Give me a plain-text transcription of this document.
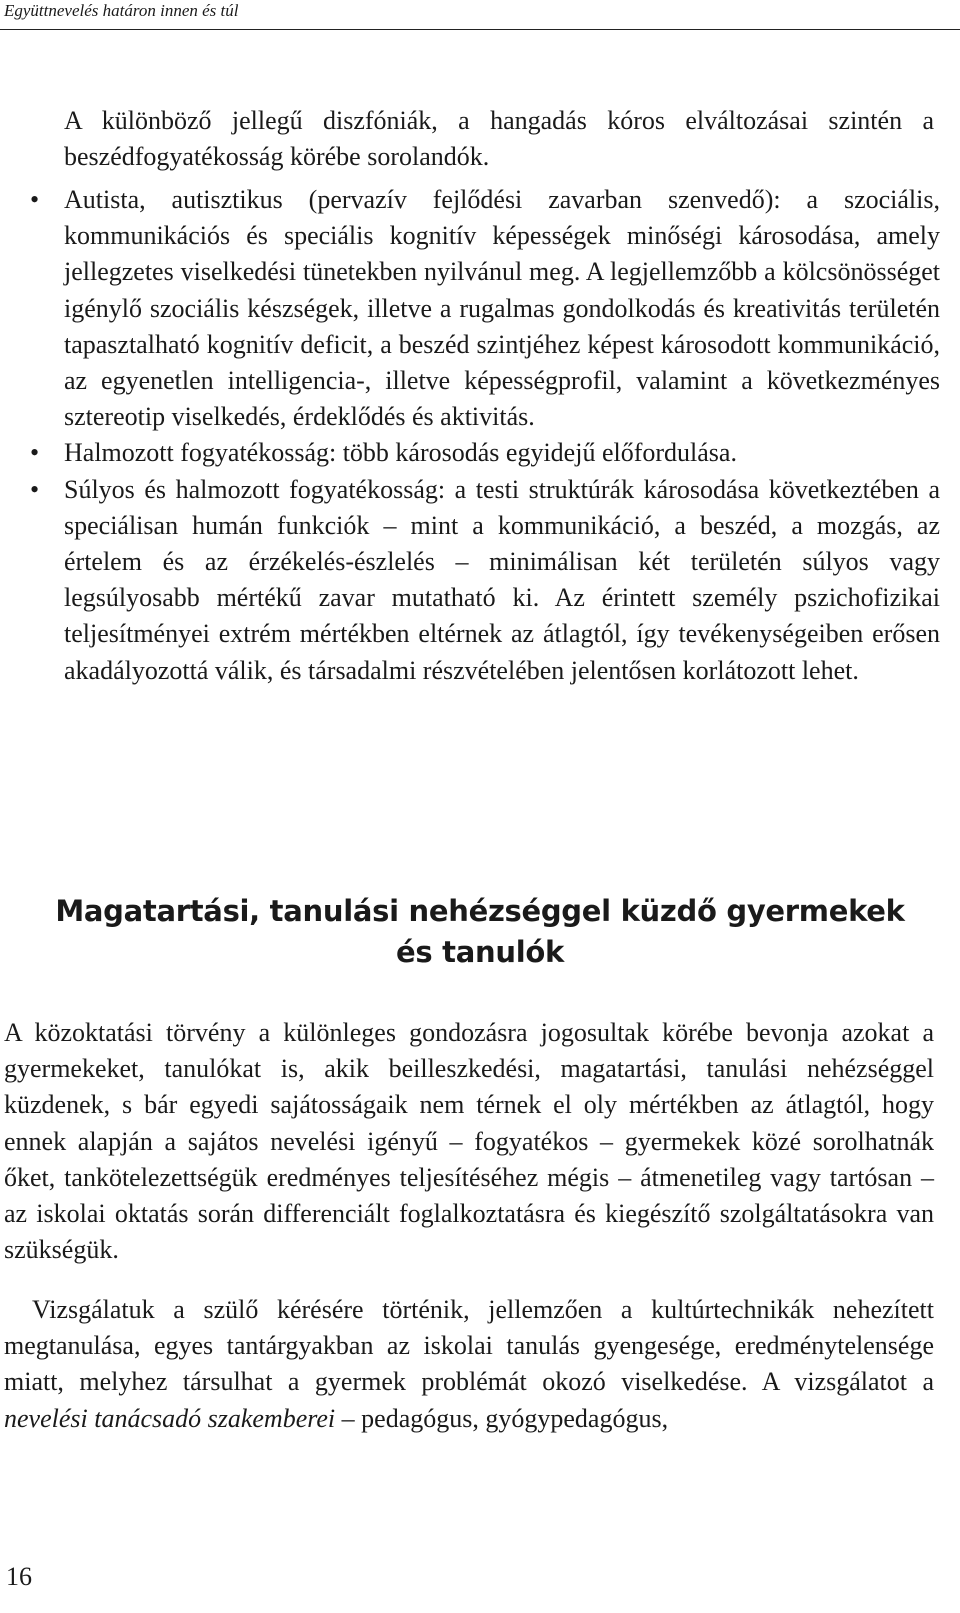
Együttnevelés határon innen és túl

A különböző jellegű diszfóniák, a hangadás kóros elváltozásai szintén a beszédfogyatékosság körébe sorolandók.

• Autista, autisztikus (pervazív fejlődési zavarban szenvedő): a szociális, kommunikációs és speciális kognitív képességek minőségi károsodása, amely jellegzetes viselkedési tünetekben nyilvánul meg. A legjellemzőbb a kölcsönösséget igénylő szociális készségek, illetve a rugalmas gondolkodás és kreativitás területén tapasztalható kognitív deficit, a beszéd szintjéhez képest károsodott kommunikáció, az egyenetlen intelligencia-, illetve képességprofil, valamint a következményes sztereotip viselkedés, érdeklődés és aktivitás.
• Halmozott fogyatékosság: több károsodás egyidejű előfordulása.
• Súlyos és halmozott fogyatékosság: a testi struktúrák károsodása következtében a speciálisan humán funkciók – mint a kommunikáció, a beszéd, a mozgás, az értelem és az érzékelés-észlelés – minimálisan két területén súlyos vagy legsúlyosabb mértékű zavar mutatható ki. Az érintett személy pszichofizikai teljesítményei extrém mértékben eltérnek az átlagtól, így tevékenységeiben erősen akadályozottá válik, és társadalmi részvételében jelentősen korlátozott lehet.
Magatartási, tanulási nehézséggel küzdő gyermekek
és tanulók

A közoktatási törvény a különleges gondozásra jogosultak körébe bevonja azokat a gyermekeket, tanulókat is, akik beilleszkedési, magatartási, tanulási nehézséggel küzdenek, s bár egyedi sajátosságaik nem térnek el oly mértékben az átlagtól, hogy ennek alapján a sajátos nevelési igényű – fogyatékos – gyermekek közé sorolhatnák őket, tankötelezettségük eredményes teljesítéséhez mégis – átmenetileg vagy tartósan – az iskolai oktatás során differenciált foglalkoztatásra és kiegészítő szolgáltatásokra van szükségük.

Vizsgálatuk a szülő kérésére történik, jellemzően a kultúrtechnikák nehezített megtanulása, egyes tantárgyakban az iskolai tanulás gyengesége, eredménytelensége miatt, melyhez társulhat a gyermek problémát okozó viselkedése. A vizsgálatot a nevelési tanácsadó szakemberei – pedagógus, gyógypedagógus,

16
